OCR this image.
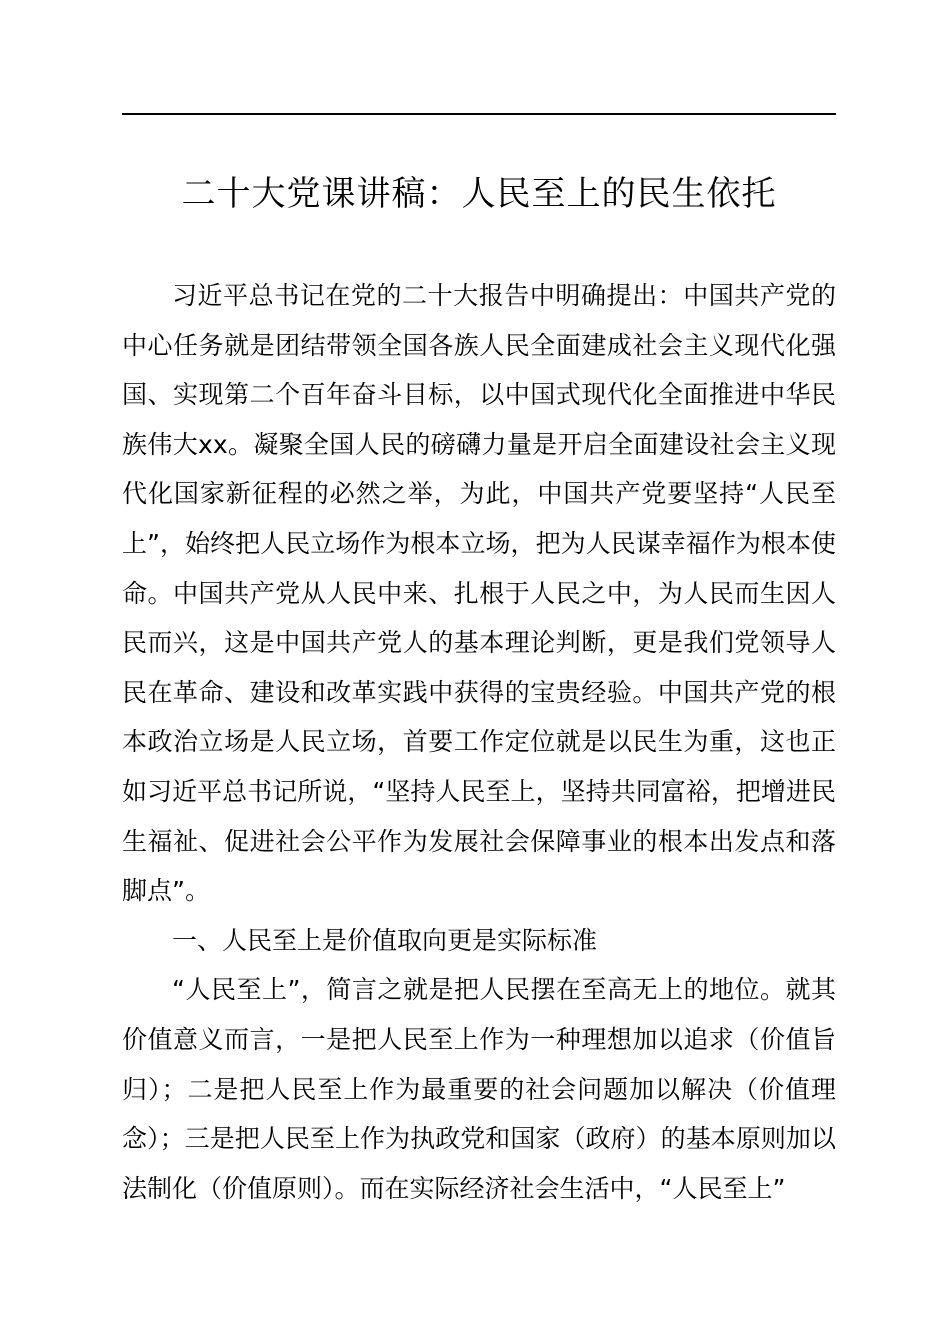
二十大党课讲稿：人民至上的民生依托

习近平总书记在党的二十大报告中明确提出：中国共产党的中心任务就是团结带领全国各族人民全面建成社会主义现代化强国、实现第二个百年奋斗目标，以中国式现代化全面推进中华民族伟大xx。凝聚全国人民的磅礴力量是开启全面建设社会主义现代化国家新征程的必然之举，为此，中国共产党要坚持“人民至上”，始终把人民立场作为根本立场，把为人民谋幸福作为根本使命。中国共产党从人民中来、扎根于人民之中，为人民而生因人民而兴，这是中国共产党人的基本理论判断，更是我们党领导人民在革命、建设和改革实践中获得的宝贵经验。中国共产党的根本政治立场是人民立场，首要工作定位就是以民生为重，这也正如习近平总书记所说，“坚持人民至上，坚持共同富裕，把增进民生福祉、促进社会公平作为发展社会保障事业的根本出发点和落脚点”。

一、人民至上是价值取向更是实际标准

“人民至上”，简言之就是把人民摆在至高无上的地位。就其价值意义而言，一是把人民至上作为一种理想加以追求（价值旨归）；二是把人民至上作为最重要的社会问题加以解决（价值理念）；三是把人民至上作为执政党和国家（政府）的基本原则加以法制化（价值原则）。而在实际经济社会生活中，“人民至上”
